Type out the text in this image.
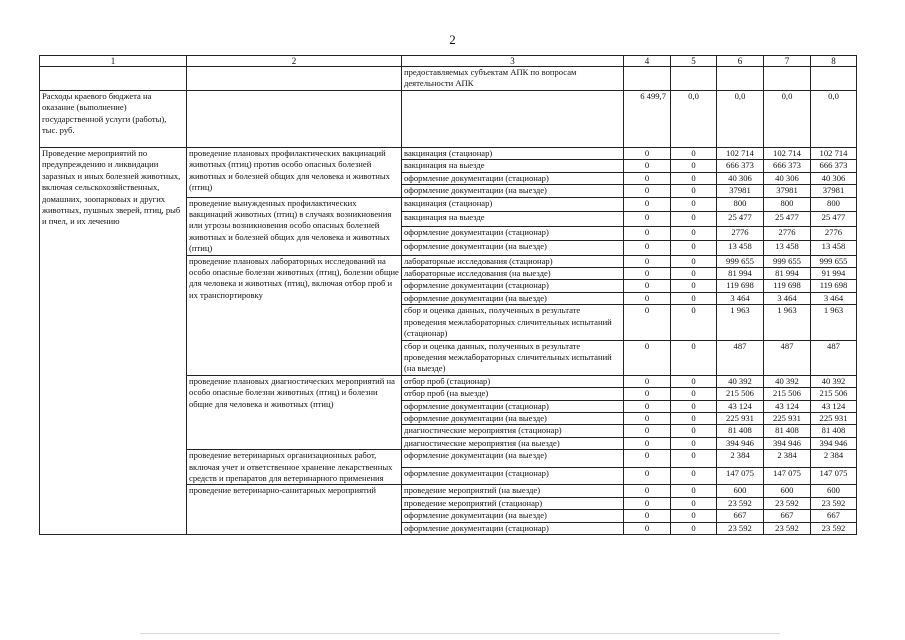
2
1	2	3	4	5	6	7	8
		предоставляемых субъектам АПК по вопросам деятельности АПК					
Расходы краевого бюджета на оказание (выполнение) государственной услуги (работы), тыс. руб.			6 499,7	0,0	0,0	0,0	0,0
Проведение мероприятий по предупреждению и ликвидации заразных и иных болезней животных, включая сельскохозяйственных, домашних, зоопарковых и других животных, пушных зверей, птиц, рыб и пчел, и их лечению	проведение плановых профилактических вакцинаций животных (птиц) против особо опасных болезней животных и болезней общих для человека и животных (птиц)	вакцинация (стационар)	0	0	102 714	102 714	102 714
		вакцинация на выезде	0	0	666 373	666 373	666 373
		оформление документации (стационар)	0	0	40 306	40 306	40 306
		оформление документации (на выезде)	0	0	37981	37981	37981
	проведение вынужденных профилактических вакцинаций животных (птиц) в случаях возникновения или угрозы возникновения особо опасных болезней животных и болезней общих для человека и животных (птиц)	вакцинация (стационар)	0	0	800	800	800
		вакцинация на выезде	0	0	25 477	25 477	25 477
		оформление документации (стационар)	0	0	2776	2776	2776
		оформление документации (на выезде)	0	0	13 458	13 458	13 458
	проведение плановых лабораторных исследований на особо опасные болезни животных (птиц), болезни общие для человека и животных (птиц), включая отбор проб и их транспортировку	лабораторные исследования (стационар)	0	0	999 655	999 655	999 655
		лабораторные исследования (на выезде)	0	0	81 994	81 994	91 994
		оформление документации (стационар)	0	0	119 698	119 698	119 698
		оформление документации (на выезде)	0	0	3 464	3 464	3 464
		сбор и оценка данных, полученных в результате проведения межлабораторных сличительных испытаний (стационар)	0	0	1 963	1 963	1 963
		сбор и оценка данных, полученных в результате проведения межлабораторных сличительных испытаний (на выезде)	0	0	487	487	487
	проведение плановых диагностических мероприятий на особо опасные болезни животных (птиц) и болезни общие для человека и животных (птиц)	отбор проб (стационар)	0	0	40 392	40 392	40 392
		отбор проб (на выезде)	0	0	215 506	215 506	215 506
		оформление документации (стационар)	0	0	43 124	43 124	43 124
		оформление документации (на выезде)	0	0	225 931	225 931	225 931
		диагностические мероприятия (стационар)	0	0	81 408	81 408	81 408
		диагностические мероприятия (на выезде)	0	0	394 946	394 946	394 946
	проведение ветеринарных организационных работ, включая учет и ответственное хранение лекарственных средств и препаратов для ветеринарного применения	оформление документации (на выезде)	0	0	2 384	2 384	2 384
		оформление документации (стационар)	0	0	147 075	147 075	147 075
	проведение ветеринарно-санитарных мероприятий	проведение мероприятий (на выезде)	0	0	600	600	600
		проведение мероприятий (стационар)	0	0	23 592	23 592	23 592
		оформление документации (на выезде)	0	0	667	667	667
		оформление документации (стационар)	0	0	23 592	23 592	23 592
